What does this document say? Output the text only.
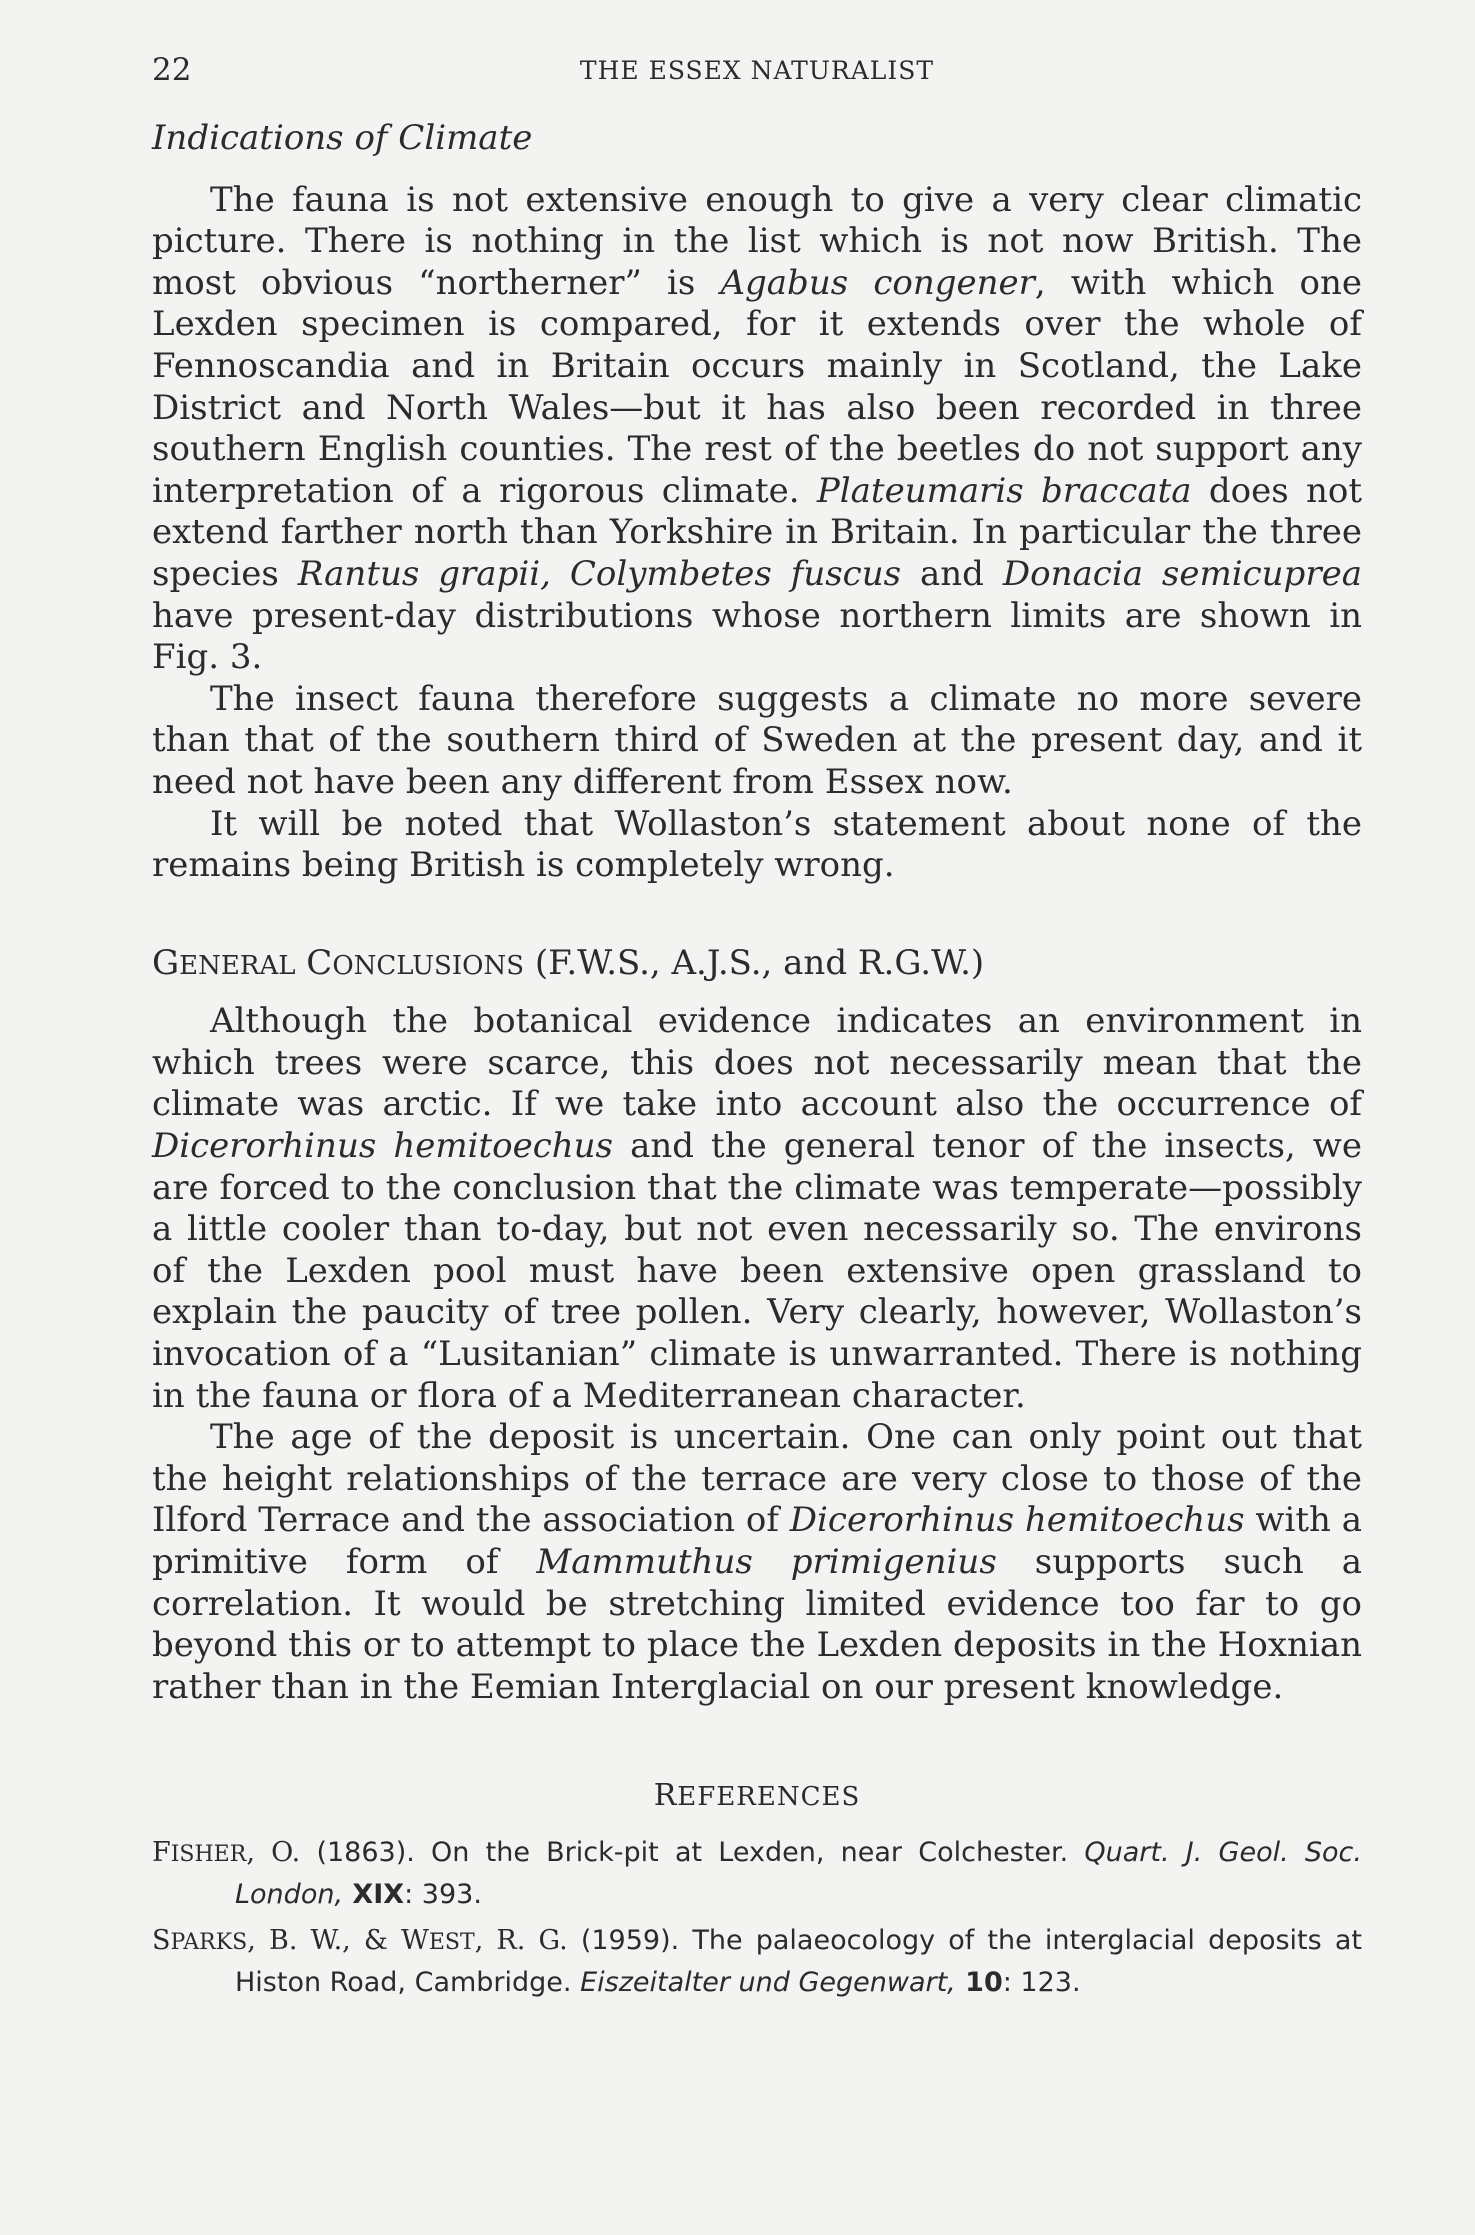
22	THE ESSEX NATURALIST
Indications of Climate

The fauna is not extensive enough to give a very clear climatic picture. There is nothing in the list which is not now British. The most obvious “northerner” is Agabus congener, with which one Lexden specimen is compared, for it extends over the whole of Fennoscandia and in Britain occurs mainly in Scotland, the Lake District and North Wales—but it has also been recorded in three southern English counties. The rest of the beetles do not support any interpretation of a rigorous climate. Plateumaris braccata does not extend farther north than Yorkshire in Britain. In particular the three species Rantus grapii, Colymbetes fuscus and Donacia semicuprea have present-day distributions whose northern limits are shown in Fig. 3.

The insect fauna therefore suggests a climate no more severe than that of the southern third of Sweden at the present day, and it need not have been any different from Essex now.

It will be noted that Wollaston’s statement about none of the remains being British is completely wrong.

GENERAL CONCLUSIONS (F.W.S., A.J.S., and R.G.W.)

Although the botanical evidence indicates an environment in which trees were scarce, this does not necessarily mean that the climate was arctic. If we take into account also the occurrence of Dicerorhinus hemitoechus and the general tenor of the insects, we are forced to the conclusion that the climate was temperate—possibly a little cooler than to-day, but not even necessarily so. The environs of the Lexden pool must have been extensive open grassland to explain the paucity of tree pollen. Very clearly, however, Wollaston’s invocation of a “Lusitanian” climate is unwarranted. There is nothing in the fauna or flora of a Mediterranean character.

The age of the deposit is uncertain. One can only point out that the height relationships of the terrace are very close to those of the Ilford Terrace and the association of Dicerorhinus hemitoechus with a primitive form of Mammuthus primigenius supports such a correlation. It would be stretching limited evidence too far to go beyond this or to attempt to place the Lexden deposits in the Hoxnian rather than in the Eemian Interglacial on our present knowledge.

REFERENCES

FISHER, O. (1863). On the Brick-pit at Lexden, near Colchester. Quart. J. Geol. Soc. London, XIX: 393.

SPARKS, B. W., & WEST, R. G. (1959). The palaeocology of the interglacial deposits at Histon Road, Cambridge. Eiszeitalter und Gegenwart, 10: 123.
